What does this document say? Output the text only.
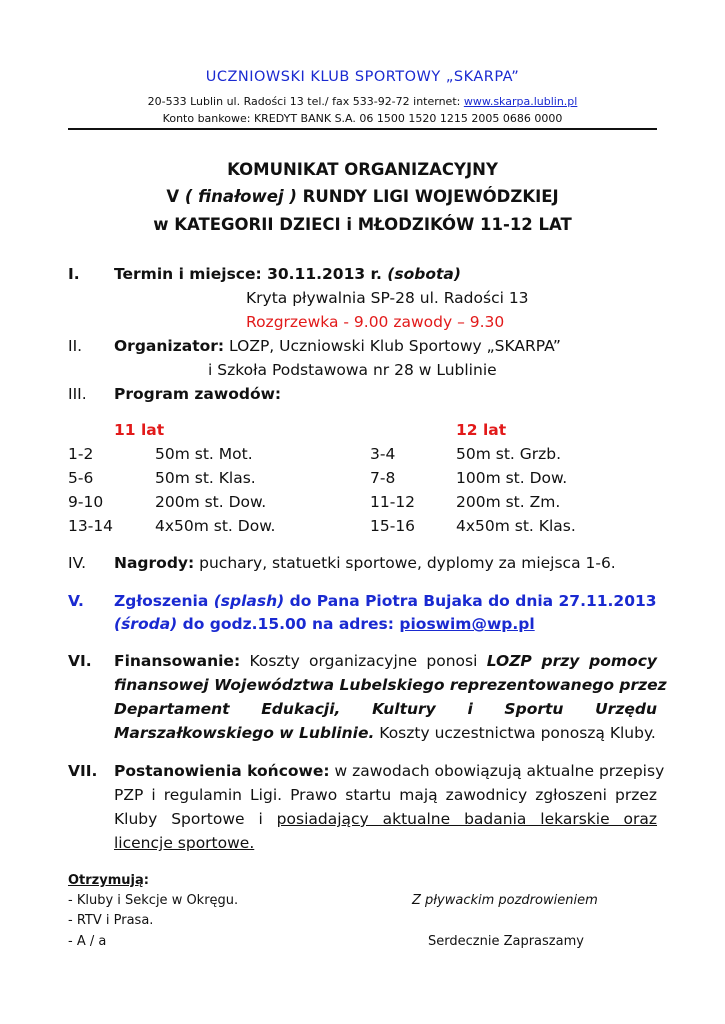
UCZNIOWSKI KLUB SPORTOWY „SKARPA”
20-533 Lublin ul. Radości 13 tel./ fax 533-92-72 internet: www.skarpa.lublin.pl
Konto bankowe: KREDYT BANK S.A. 06 1500 1520 1215 2005 0686 0000
KOMUNIKAT ORGANIZACYJNY
V ( finałowej ) RUNDY LIGI WOJEWÓDZKIEJ
w KATEGORII DZIECI i MŁODZIKÓW 11-12 LAT
I. Termin i miejsce: 30.11.2013 r. (sobota)
Kryta pływalnia SP-28 ul. Radości 13
Rozgrzewka - 9.00 zawody – 9.30
II. Organizator: LOZP, Uczniowski Klub Sportowy „SKARPA”
i Szkoła Podstawowa nr 28 w Lublinie
III. Program zawodów:
11 lat	12 lat
1-2	50m st. Mot.	3-4	50m st. Grzb.
5-6	50m st. Klas.	7-8	100m st. Dow.
9-10	200m st. Dow.	11-12	200m st. Zm.
13-14	4x50m st. Dow.	15-16	4x50m st. Klas.
IV. Nagrody: puchary, statuetki sportowe, dyplomy za miejsca 1-6.
V. Zgłoszenia (splash) do Pana Piotra Bujaka do dnia 27.11.2013
(środa) do godz.15.00 na adres: pioswim@wp.pl
VI. Finansowanie: Koszty organizacyjne ponosi LOZP przy pomocy
finansowej Województwa Lubelskiego reprezentowanego przez
Departament Edukacji, Kultury i Sportu Urzędu
Marszałkowskiego w Lublinie. Koszty uczestnictwa ponoszą Kluby.
VII. Postanowienia końcowe: w zawodach obowiązują aktualne przepisy
PZP i regulamin Ligi. Prawo startu mają zawodnicy zgłoszeni przez
Kluby Sportowe i posiadający aktualne badania lekarskie oraz
licencje sportowe.
Otrzymują:
- Kluby i Sekcje w Okręgu.
- RTV i Prasa.
- A / a
Z pływackim pozdrowieniem
Serdecznie Zapraszamy
